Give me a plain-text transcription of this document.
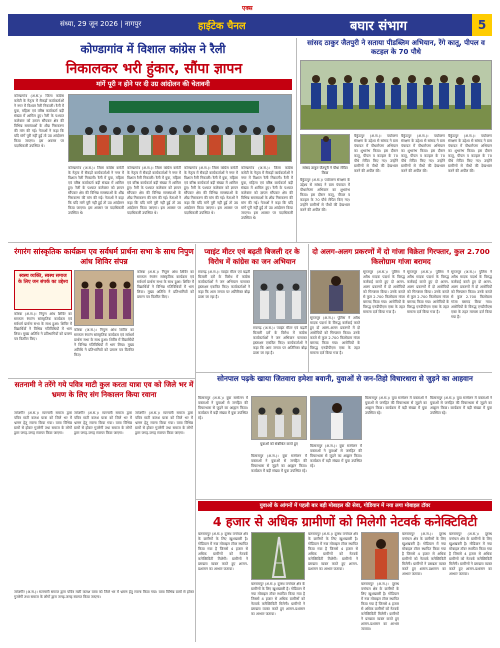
एक्स
संध्या, 29 जून 2026 | नागपुर	हाईटेक चैनल	बघार संभाग	5
कोण्डागांव में विशाल कांग्रेस ने रैली
निकालकर भरी हुंकार, सौंपा ज्ञापन
मांगें पूरी न होने पर दी उग्र आंदोलन की चेतावनी
कोण्डागांव (अ.स.)। जिला कांग्रेस कमेटी के नेतृत्व में सैकड़ों कार्यकर्ताओं ने नगर में विशाल रैली निकाली। रैली में युवा, महिला एवं वरिष्ठ कार्यकर्ता बड़ी संख्या में शामिल हुए। रैली के पश्चात कलेक्टर को ज्ञापन सौंपकर क्षेत्र की विभिन्न समस्याओं के शीघ्र निराकरण की मांग की गई। नेताओं ने कहा कि यदि मांगें पूरी नहीं हुईं तो उग्र आंदोलन किया जाएगा। इस अवसर पर पदाधिकारी उपस्थित थे।
कोण्डागांव (अ.स.)। जिला कांग्रेस कमेटी के नेतृत्व में सैकड़ों कार्यकर्ताओं ने नगर में विशाल रैली निकाली। रैली में युवा, महिला एवं वरिष्ठ कार्यकर्ता बड़ी संख्या में शामिल हुए। रैली के पश्चात कलेक्टर को ज्ञापन सौंपकर क्षेत्र की विभिन्न समस्याओं के शीघ्र निराकरण की मांग की गई। नेताओं ने कहा कि यदि मांगें पूरी नहीं हुईं तो उग्र आंदोलन किया जाएगा। इस अवसर पर पदाधिकारी उपस्थित थे।
कोण्डागांव (अ.स.)। जिला कांग्रेस कमेटी के नेतृत्व में सैकड़ों कार्यकर्ताओं ने नगर में विशाल रैली निकाली। रैली में युवा, महिला एवं वरिष्ठ कार्यकर्ता बड़ी संख्या में शामिल हुए। रैली के पश्चात कलेक्टर को ज्ञापन सौंपकर क्षेत्र की विभिन्न समस्याओं के शीघ्र निराकरण की मांग की गई। नेताओं ने कहा कि यदि मांगें पूरी नहीं हुईं तो उग्र आंदोलन किया जाएगा। इस अवसर पर पदाधिकारी उपस्थित थे।
कोण्डागांव (अ.स.)। जिला कांग्रेस कमेटी के नेतृत्व में सैकड़ों कार्यकर्ताओं ने नगर में विशाल रैली निकाली। रैली में युवा, महिला एवं वरिष्ठ कार्यकर्ता बड़ी संख्या में शामिल हुए। रैली के पश्चात कलेक्टर को ज्ञापन सौंपकर क्षेत्र की विभिन्न समस्याओं के शीघ्र निराकरण की मांग की गई। नेताओं ने कहा कि यदि मांगें पूरी नहीं हुईं तो उग्र आंदोलन किया जाएगा। इस अवसर पर पदाधिकारी उपस्थित थे।
कोण्डागांव (अ.स.)। जिला कांग्रेस कमेटी के नेतृत्व में सैकड़ों कार्यकर्ताओं ने नगर में विशाल रैली निकाली। रैली में युवा, महिला एवं वरिष्ठ कार्यकर्ता बड़ी संख्या में शामिल हुए। रैली के पश्चात कलेक्टर को ज्ञापन सौंपकर क्षेत्र की विभिन्न समस्याओं के शीघ्र निराकरण की मांग की गई। नेताओं ने कहा कि यदि मांगें पूरी नहीं हुईं तो उग्र आंदोलन किया जाएगा। इस अवसर पर पदाधिकारी उपस्थित थे।
सांसद ठाकुर जैतपुरी ने सताया पीडब्लिम अभियान, रेंगे कातू, पीपल व कटहल के 70 पौधे
सांसद ठाकुर जैतपुरी ने पौधा रोपित किया
बैकुंठपुर (अ.स.)। पर्यावरण संरक्षण के उद्देश्य से सांसद ने ग्राम पंचायत में पौधारोपण अभियान का शुभारंभ किया। इस दौरान कातू, पीपल व कटहल के 70 पौधे रोपित किए गए। उन्होंने ग्रामीणों से पौधों की देखभाल करने की अपील की।
बैकुंठपुर (अ.स.)। पर्यावरण संरक्षण के उद्देश्य से सांसद ने ग्राम पंचायत में पौधारोपण अभियान का शुभारंभ किया। इस दौरान कातू, पीपल व कटहल के 70 पौधे रोपित किए गए। उन्होंने ग्रामीणों से पौधों की देखभाल करने की अपील की।
बैकुंठपुर (अ.स.)। पर्यावरण संरक्षण के उद्देश्य से सांसद ने ग्राम पंचायत में पौधारोपण अभियान का शुभारंभ किया। इस दौरान कातू, पीपल व कटहल के 70 पौधे रोपित किए गए। उन्होंने ग्रामीणों से पौधों की देखभाल करने की अपील की।
बैकुंठपुर (अ.स.)। पर्यावरण संरक्षण के उद्देश्य से सांसद ने ग्राम पंचायत में पौधारोपण अभियान का शुभारंभ किया। इस दौरान कातू, पीपल व कटहल के 70 पौधे रोपित किए गए। उन्होंने ग्रामीणों से पौधों की देखभाल करने की अपील की।
रंगारंग सांस्कृतिक कार्यक्रम एव सर्वधर्म प्रार्थना सभा के साथ निपुण आंध शिविर संपन्न
स्वस्थ व्यक्ति, स्वस्थ समाज के लिए जन संपर्क का उद्देश्य
कोरबा (अ.स.)। निपुण आंध शिविर का समापन रंगारंग सांस्कृतिक कार्यक्रम एवं सर्वधर्म प्रार्थना सभा के साथ हुआ। शिविर में विद्यार्थियों ने विभिन्न गतिविधियों में भाग लिया। मुख्य अतिथि ने प्रतिभागियों को प्रमाण पत्र वितरित किए।
कोरबा (अ.स.)। निपुण आंध शिविर का समापन रंगारंग सांस्कृतिक कार्यक्रम एवं सर्वधर्म प्रार्थना सभा के साथ हुआ। शिविर में विद्यार्थियों ने विभिन्न गतिविधियों में भाग लिया। मुख्य अतिथि ने प्रतिभागियों को प्रमाण पत्र वितरित किए।
कोरबा (अ.स.)। निपुण आंध शिविर का समापन रंगारंग सांस्कृतिक कार्यक्रम एवं सर्वधर्म प्रार्थना सभा के साथ हुआ। शिविर में विद्यार्थियों ने विभिन्न गतिविधियों में भाग लिया। मुख्य अतिथि ने प्रतिभागियों को प्रमाण पत्र वितरित किए।
प्वाइंट मीटर एवं बढ़ती बिजली दर के विरोध में कांग्रेस का जन अभियान
रायगढ़ (अ.स.)। प्वाइंट मीटर एवं बढ़ती बिजली दरों के विरोध में कांग्रेस कार्यकर्ताओं ने जन अभियान चलाकर हस्ताक्षर एकत्रित किए। कार्यकर्ताओं ने कहा कि आम जनता पर अतिरिक्त बोझ डाला जा रहा है।
रायगढ़ (अ.स.)। प्वाइंट मीटर एवं बढ़ती बिजली दरों के विरोध में कांग्रेस कार्यकर्ताओं ने जन अभियान चलाकर हस्ताक्षर एकत्रित किए। कार्यकर्ताओं ने कहा कि आम जनता पर अतिरिक्त बोझ डाला जा रहा है।
दो अलग-अलग प्रकरणों में दो गांजा विक्रेता गिरफ्तार, कुल 2.700 किलोग्राम गांजा बरामद
सूरजपुर (अ.स.)। पुलिस ने अवैध मादक पदार्थ के विरुद्ध कार्रवाई करते हुए दो अलग-अलग प्रकरणों में दो आरोपियों को गिरफ्तार किया। उनके कब्जे से कुल 2.700 किलोग्राम गांजा बरामद किया गया। आरोपियों के विरुद्ध एनडीपीएस एक्ट के तहत मामला दर्ज किया गया है।
सूरजपुर (अ.स.)। पुलिस ने अवैध मादक पदार्थ के विरुद्ध कार्रवाई करते हुए दो अलग-अलग प्रकरणों में दो आरोपियों को गिरफ्तार किया। उनके कब्जे से कुल 2.700 किलोग्राम गांजा बरामद किया गया। आरोपियों के विरुद्ध एनडीपीएस एक्ट के तहत मामला दर्ज किया गया है।
सूरजपुर (अ.स.)। पुलिस ने अवैध मादक पदार्थ के विरुद्ध कार्रवाई करते हुए दो अलग-अलग प्रकरणों में दो आरोपियों को गिरफ्तार किया। उनके कब्जे से कुल 2.700 किलोग्राम गांजा बरामद किया गया। आरोपियों के विरुद्ध एनडीपीएस एक्ट के तहत मामला दर्ज किया गया है।
सूरजपुर (अ.स.)। पुलिस ने अवैध मादक पदार्थ के विरुद्ध कार्रवाई करते हुए दो अलग-अलग प्रकरणों में दो आरोपियों को गिरफ्तार किया। उनके कब्जे से कुल 2.700 किलोग्राम गांजा बरामद किया गया। आरोपियों के विरुद्ध एनडीपीएस एक्ट के तहत मामला दर्ज किया गया है।
सतनामी ने तरेंगे गये पवित्र माटी कुल करता यात्रा एव को जिले भर में भ्रमण के लिए संग निकालन किया रवाना
जांजगीर (अ.स.)। सतनामी समाज द्वारा पवित्र माटी कलश यात्रा को जिले भर में भ्रमण हेतु रवाना किया गया। यात्रा विभिन्न ग्रामों से होकर गुजरेगी तथा समाज के लोगों द्वारा जगह-जगह स्वागत किया जाएगा।
जांजगीर (अ.स.)। सतनामी समाज द्वारा पवित्र माटी कलश यात्रा को जिले भर में भ्रमण हेतु रवाना किया गया। यात्रा विभिन्न ग्रामों से होकर गुजरेगी तथा समाज के लोगों द्वारा जगह-जगह स्वागत किया जाएगा।
जांजगीर (अ.स.)। सतनामी समाज द्वारा पवित्र माटी कलश यात्रा को जिले भर में भ्रमण हेतु रवाना किया गया। यात्रा विभिन्न ग्रामों से होकर गुजरेगी तथा समाज के लोगों द्वारा जगह-जगह स्वागत किया जाएगा।
सोनपाल पढ़के खाया जितवारा हमेशा बवानी, युवाओं से जन-तिहो विचारधारा से जुड़ने का आहवान
बिलासपुर (अ.स.)। युवा सम्मेलन में वक्ताओं ने युवाओं से जनहित की विचारधारा से जुड़ने का आह्वान किया। कार्यक्रम में बड़ी संख्या में युवा उपस्थित रहे।
युवाओं को संबोधित करते हुए	बिलासपुर (अ.स.)। युवा सम्मेलन में वक्ताओं ने युवाओं से जनहित की विचारधारा से जुड़ने का आह्वान किया। कार्यक्रम में बड़ी संख्या में युवा उपस्थित रहे।
बिलासपुर (अ.स.)। युवा सम्मेलन में वक्ताओं ने युवाओं से जनहित की विचारधारा से जुड़ने का आह्वान किया। कार्यक्रम में बड़ी संख्या में युवा उपस्थित रहे।
बिलासपुर (अ.स.)। युवा सम्मेलन में वक्ताओं ने युवाओं से जनहित की विचारधारा से जुड़ने का आह्वान किया। कार्यक्रम में बड़ी संख्या में युवा उपस्थित रहे।
बिलासपुर (अ.स.)। युवा सम्मेलन में वक्ताओं ने युवाओं से जनहित की विचारधारा से जुड़ने का आह्वान किया। कार्यक्रम में बड़ी संख्या में युवा उपस्थित रहे।
युवाओं के आंगनों में पहली बार बड़ी मोबाइल की सेवा, गोडियान में नया लगा मोबाइल टॉवर
4 हजार से अधिक ग्रामीणों को मिलेगी नेटवर्क कनेक्टिविटी
बलरामपुर (अ.स.)। दूरस्थ वनांचल क्षेत्र के ग्रामीणों के लिए खुशखबरी है। गोडियान में नया मोबाइल टॉवर स्थापित किया गया है जिससे 4 हजार से अधिक ग्रामीणों को नेटवर्क कनेक्टिविटी मिलेगी। ग्रामीणों ने प्रसन्नता व्यक्त करते हुए शासन-प्रशासन का आभार जताया।
बलरामपुर (अ.स.)। दूरस्थ वनांचल क्षेत्र के ग्रामीणों के लिए खुशखबरी है। गोडियान में नया मोबाइल टॉवर स्थापित किया गया है जिससे 4 हजार से अधिक ग्रामीणों को नेटवर्क कनेक्टिविटी मिलेगी। ग्रामीणों ने प्रसन्नता व्यक्त करते हुए शासन-प्रशासन का आभार जताया।
बलरामपुर (अ.स.)। दूरस्थ वनांचल क्षेत्र के ग्रामीणों के लिए खुशखबरी है। गोडियान में नया मोबाइल टॉवर स्थापित किया गया है जिससे 4 हजार से अधिक ग्रामीणों को नेटवर्क कनेक्टिविटी मिलेगी। ग्रामीणों ने प्रसन्नता व्यक्त करते हुए शासन-प्रशासन का आभार जताया।
बलरामपुर (अ.स.)। दूरस्थ वनांचल क्षेत्र के ग्रामीणों के लिए खुशखबरी है। गोडियान में नया मोबाइल टॉवर स्थापित किया गया है जिससे 4 हजार से अधिक ग्रामीणों को नेटवर्क कनेक्टिविटी मिलेगी। ग्रामीणों ने प्रसन्नता व्यक्त करते हुए शासन-प्रशासन का आभार जताया।
बलरामपुर (अ.स.)। दूरस्थ वनांचल क्षेत्र के ग्रामीणों के लिए खुशखबरी है। गोडियान में नया मोबाइल टॉवर स्थापित किया गया है जिससे 4 हजार से अधिक ग्रामीणों को नेटवर्क कनेक्टिविटी मिलेगी। ग्रामीणों ने प्रसन्नता व्यक्त करते हुए शासन-प्रशासन का आभार जताया।
बलरामपुर (अ.स.)। दूरस्थ वनांचल क्षेत्र के ग्रामीणों के लिए खुशखबरी है। गोडियान में नया मोबाइल टॉवर स्थापित किया गया है जिससे 4 हजार से अधिक ग्रामीणों को नेटवर्क कनेक्टिविटी मिलेगी। ग्रामीणों ने प्रसन्नता व्यक्त करते हुए शासन-प्रशासन का आभार जताया।
जांजगीर (अ.स.)। सतनामी समाज द्वारा पवित्र माटी कलश यात्रा को जिले भर में भ्रमण हेतु रवाना किया गया। यात्रा विभिन्न ग्रामों से होकर गुजरेगी तथा समाज के लोगों द्वारा जगह-जगह स्वागत किया जाएगा।
